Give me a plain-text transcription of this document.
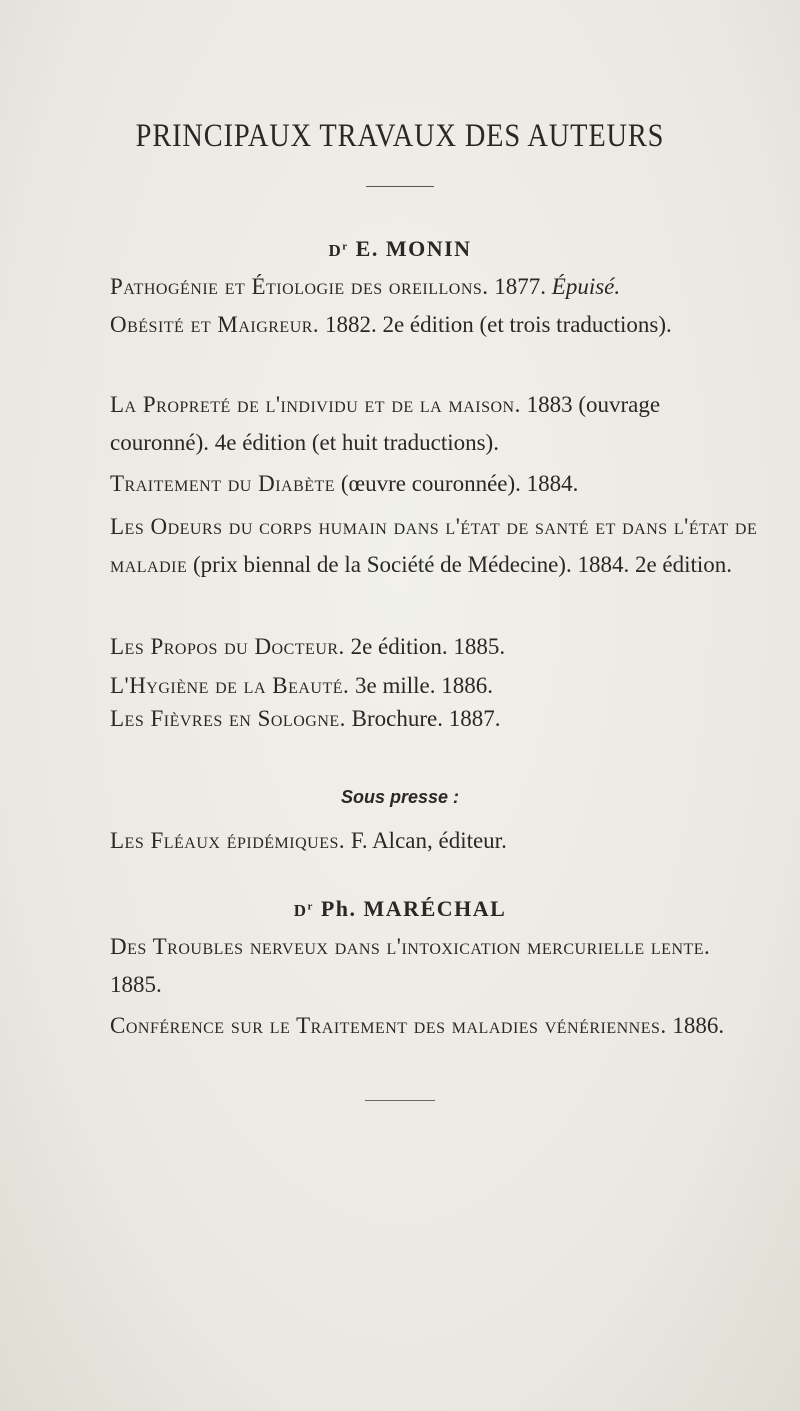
PRINCIPAUX TRAVAUX DES AUTEURS
$D^r$ E. MONIN
Pathogénie et Étiologie des oreillons. 1877. Épuisé.
Obésité et Maigreur. 1882. 2e édition (et trois traductions).
La Propreté de l'individu et de la maison. 1883 (ouvrage couronné). 4e édition (et huit traductions).
Traitement du Diabète (œuvre couronnée). 1884.
Les Odeurs du corps humain dans l'état de santé et dans l'état de maladie (prix biennal de la Société de Médecine). 1884. 2e édition.
Les Propos du Docteur. 2e édition. 1885.
L'Hygiène de la Beauté. 3e mille. 1886.
Les Fièvres en Sologne. Brochure. 1887.
Sous presse :
Les Fléaux épidémiques. F. Alcan, éditeur.
$D^r$ Ph. MARÉCHAL
Des Troubles nerveux dans l'intoxication mercurielle lente. 1885.
Conférence sur le Traitement des maladies vénériennes. 1886.
